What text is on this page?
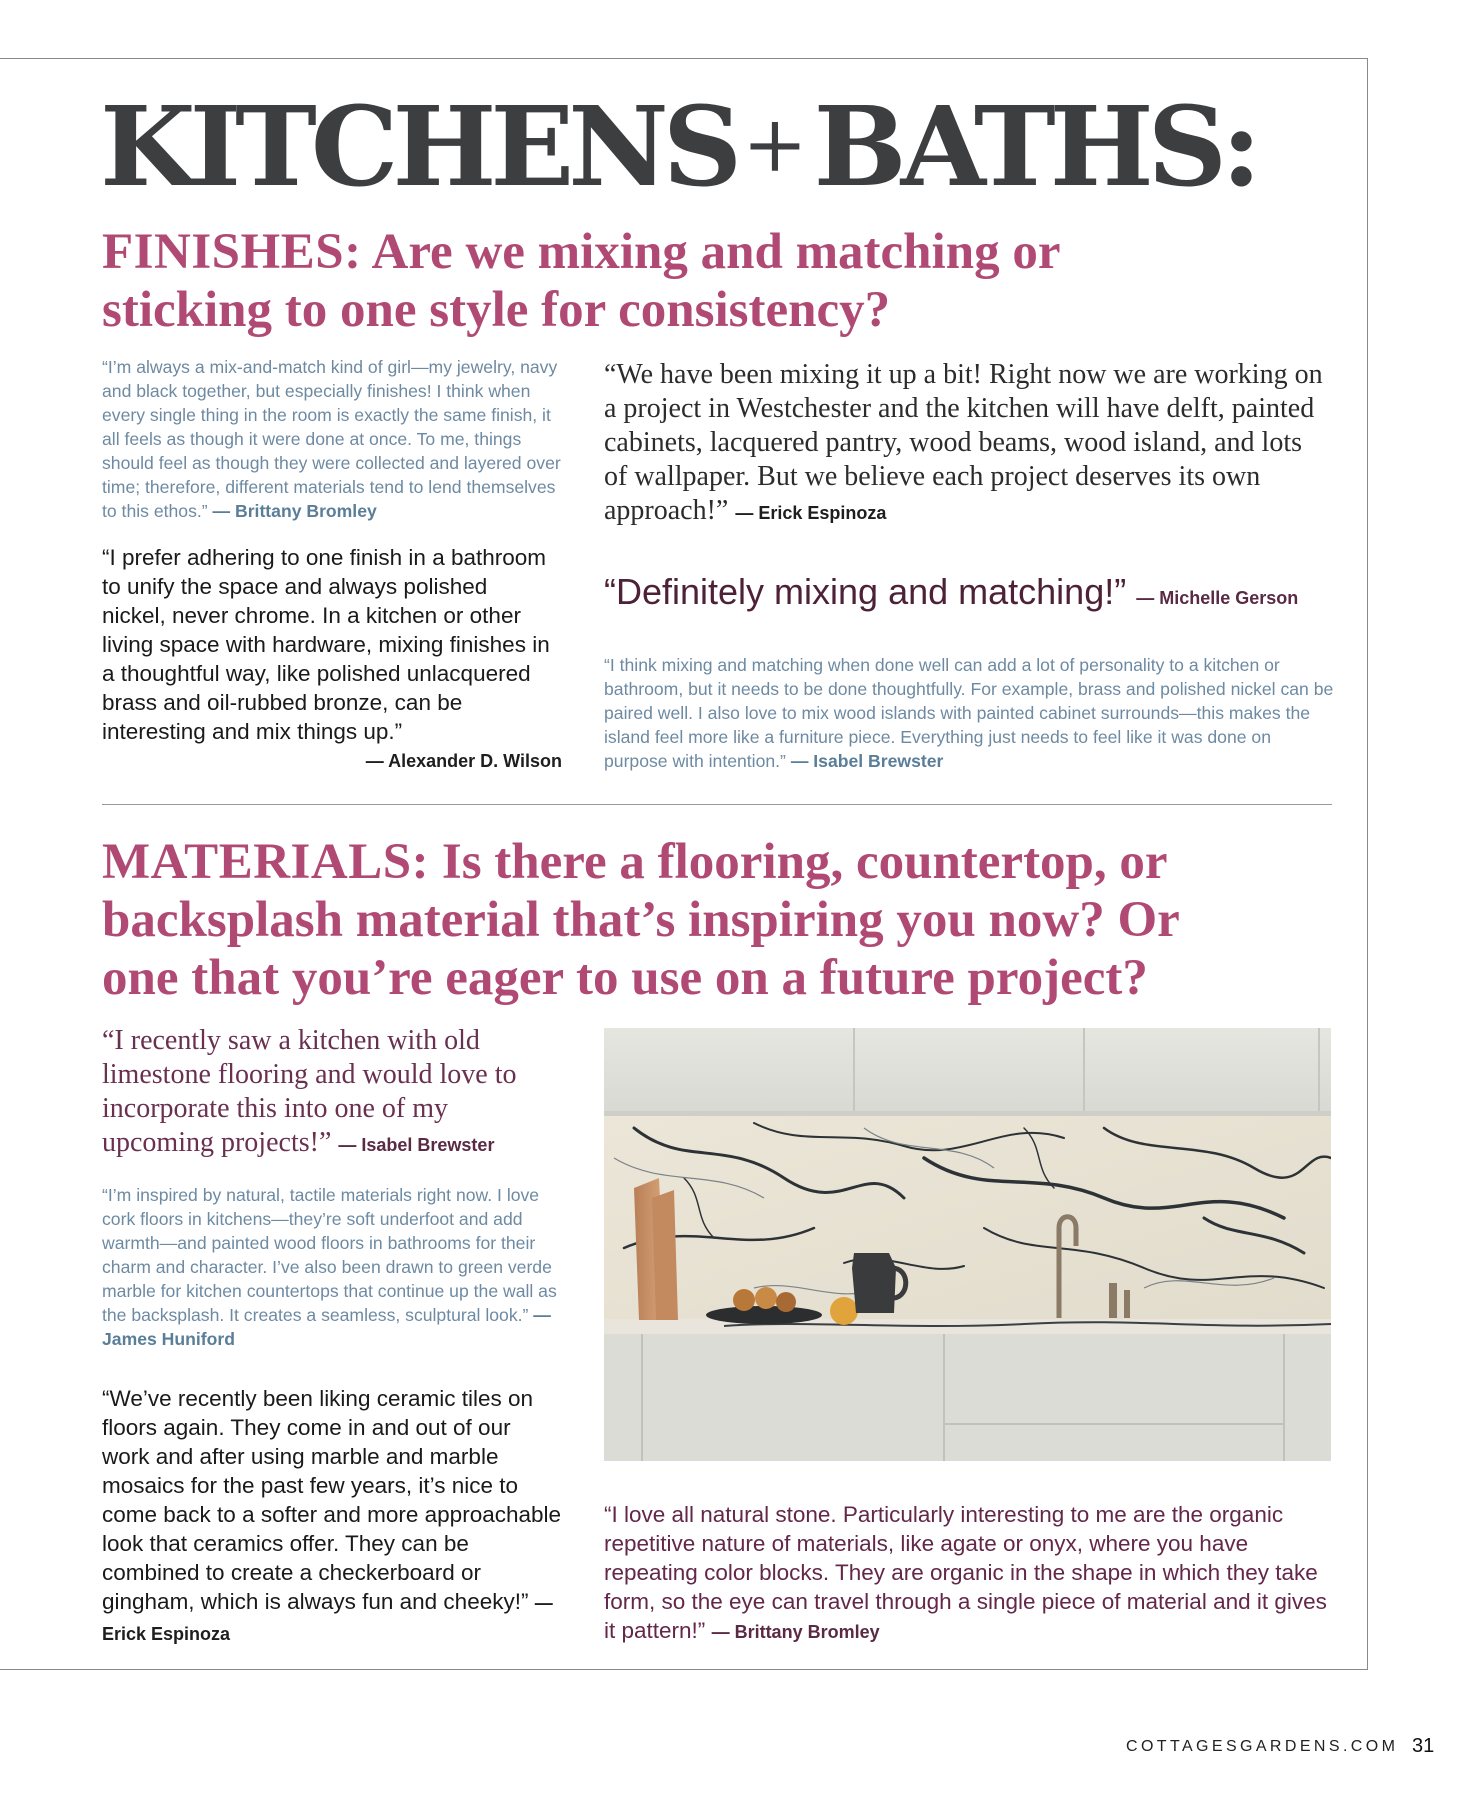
KITCHENS+BATHS:
FINISHES: Are we mixing and matching or
sticking to one style for consistency?

“I’m always a mix-and-match kind of girl—my jewelry, navy and black together, but especially finishes! I think when every single thing in the room is exactly the same finish, it all feels as though it were done at once. To me, things should feel as though they were collected and layered over time; therefore, different materials tend to lend themselves to this ethos.” — Brittany Bromley

“I prefer adhering to one finish in a bathroom to unify the space and always polished nickel, never chrome. In a kitchen or other living space with hardware, mixing finishes in a thoughtful way, like polished unlacquered brass and oil-rubbed bronze, can be interesting and mix things up.”

— Alexander D. Wilson

“We have been mixing it up a bit! Right now we are working on a project in Westchester and the kitchen will have delft, painted cabinets, lacquered pantry, wood beams, wood island, and lots of wallpaper. But we believe each project deserves its own approach!” — Erick Espinoza

“Definitely mixing and matching!” — Michelle Gerson

“I think mixing and matching when done well can add a lot of personality to a kitchen or bathroom, but it needs to be done thoughtfully. For example, brass and polished nickel can be paired well. I also love to mix wood islands with painted cabinet surrounds—this makes the island feel more like a furniture piece. Everything just needs to feel like it was done on purpose with intention.” — Isabel Brewster

MATERIALS: Is there a flooring, countertop, or
backsplash material that’s inspiring you now? Or
one that you’re eager to use on a future project?

“I recently saw a kitchen with old limestone flooring and would love to incorporate this into one of my upcoming projects!” — Isabel Brewster

“I’m inspired by natural, tactile materials right now. I love cork floors in kitchens—they’re soft underfoot and add warmth—and painted wood floors in bathrooms for their charm and character. I’ve also been drawn to green verde marble for kitchen countertops that continue up the wall as the backsplash. It creates a seamless, sculptural look.” — James Huniford

“We’ve recently been liking ceramic tiles on floors again. They come in and out of our work and after using marble and marble mosaics for the past few years, it’s nice to come back to a softer and more approachable look that ceramics offer. They can be combined to create a checkerboard or gingham, which is always fun and cheeky!” — Erick Espinoza

“I love all natural stone. Particularly interesting to me are the organic repetitive nature of materials, like agate or onyx, where you have repeating color blocks. They are organic in the shape in which they take form, so the eye can travel through a single piece of material and it gives it pattern!” — Brittany Bromley

COTTAGESGARDENS.COM 31
